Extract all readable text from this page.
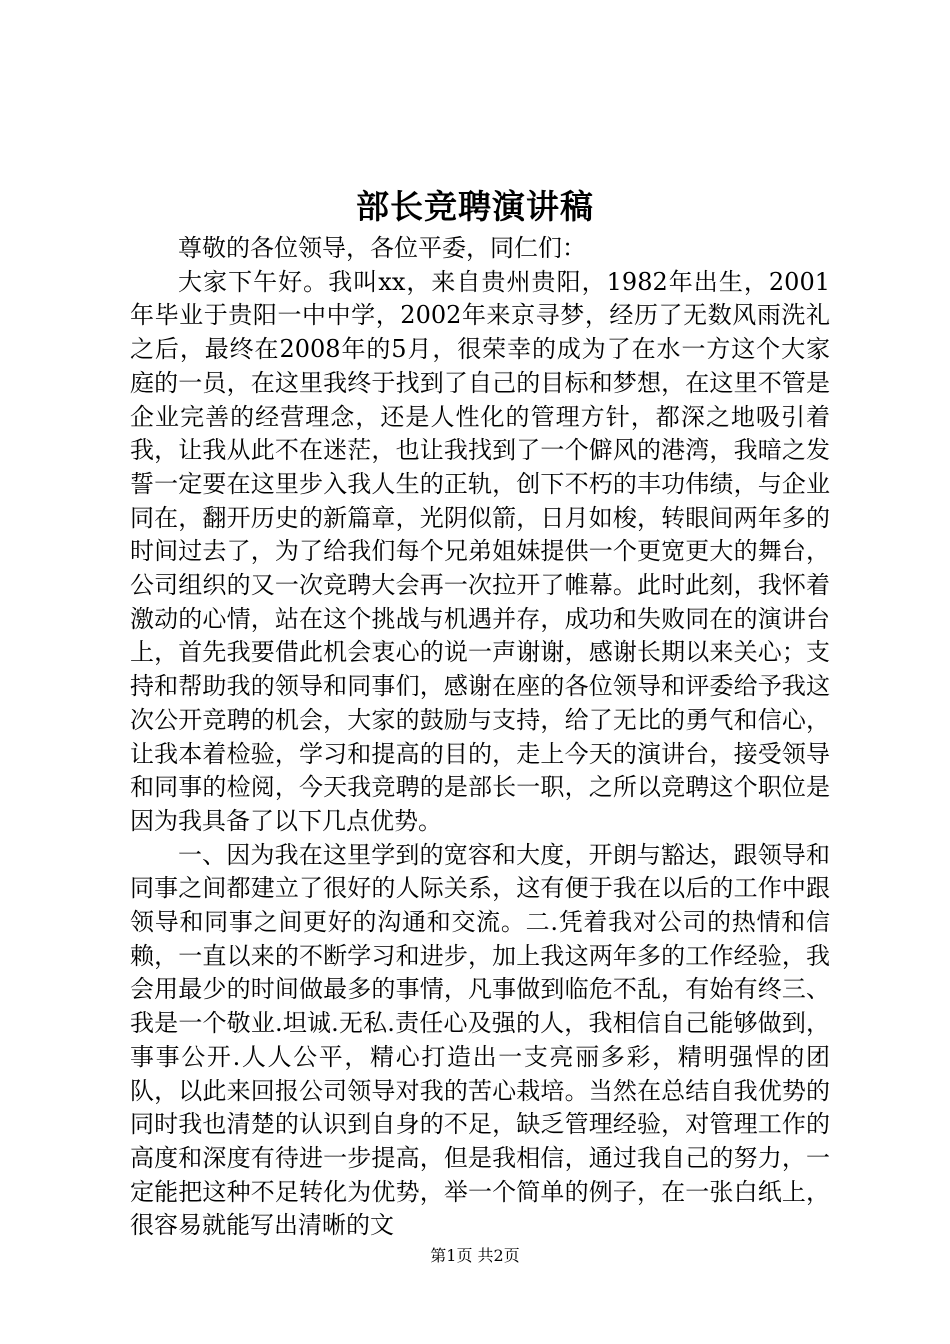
部长竞聘演讲稿

尊敬的各位领导，各位平委，同仁们：

大家下午好。我叫xx，来自贵州贵阳，1982年出生，2001年毕业于贵阳一中中学，2002年来京寻梦，经历了无数风雨洗礼之后，最终在2008年的5月，很荣幸的成为了在水一方这个大家庭的一员，在这里我终于找到了自己的目标和梦想，在这里不管是企业完善的经营理念，还是人性化的管理方针，都深之地吸引着我，让我从此不在迷茫，也让我找到了一个僻风的港湾，我暗之发誓一定要在这里步入我人生的正轨，创下不朽的丰功伟绩，与企业同在，翻开历史的新篇章，光阴似箭，日月如梭，转眼间两年多的时间过去了，为了给我们每个兄弟姐妹提供一个更宽更大的舞台，公司组织的又一次竞聘大会再一次拉开了帷幕。此时此刻，我怀着激动的心情，站在这个挑战与机遇并存，成功和失败同在的演讲台上，首先我要借此机会衷心的说一声谢谢，感谢长期以来关心；支持和帮助我的领导和同事们，感谢在座的各位领导和评委给予我这次公开竞聘的机会，大家的鼓励与支持，给了无比的勇气和信心，让我本着检验，学习和提高的目的，走上今天的演讲台，接受领导和同事的检阅，今天我竞聘的是部长一职，之所以竞聘这个职位是因为我具备了以下几点优势。

一、因为我在这里学到的宽容和大度，开朗与豁达，跟领导和同事之间都建立了很好的人际关系，这有便于我在以后的工作中跟领导和同事之间更好的沟通和交流。二.凭着我对公司的热情和信赖，一直以来的不断学习和进步，加上我这两年多的工作经验，我会用最少的时间做最多的事情，凡事做到临危不乱，有始有终三、我是一个敬业.坦诚.无私.责任心及强的人，我相信自己能够做到，事事公开.人人公平，精心打造出一支亮丽多彩，精明强悍的团队，以此来回报公司领导对我的苦心栽培。当然在总结自我优势的同时我也清楚的认识到自身的不足，缺乏管理经验，对管理工作的高度和深度有待进一步提高，但是我相信，通过我自己的努力，一定能把这种不足转化为优势，举一个简单的例子，在一张白纸上，很容易就能写出清晰的文

第1页 共2页
